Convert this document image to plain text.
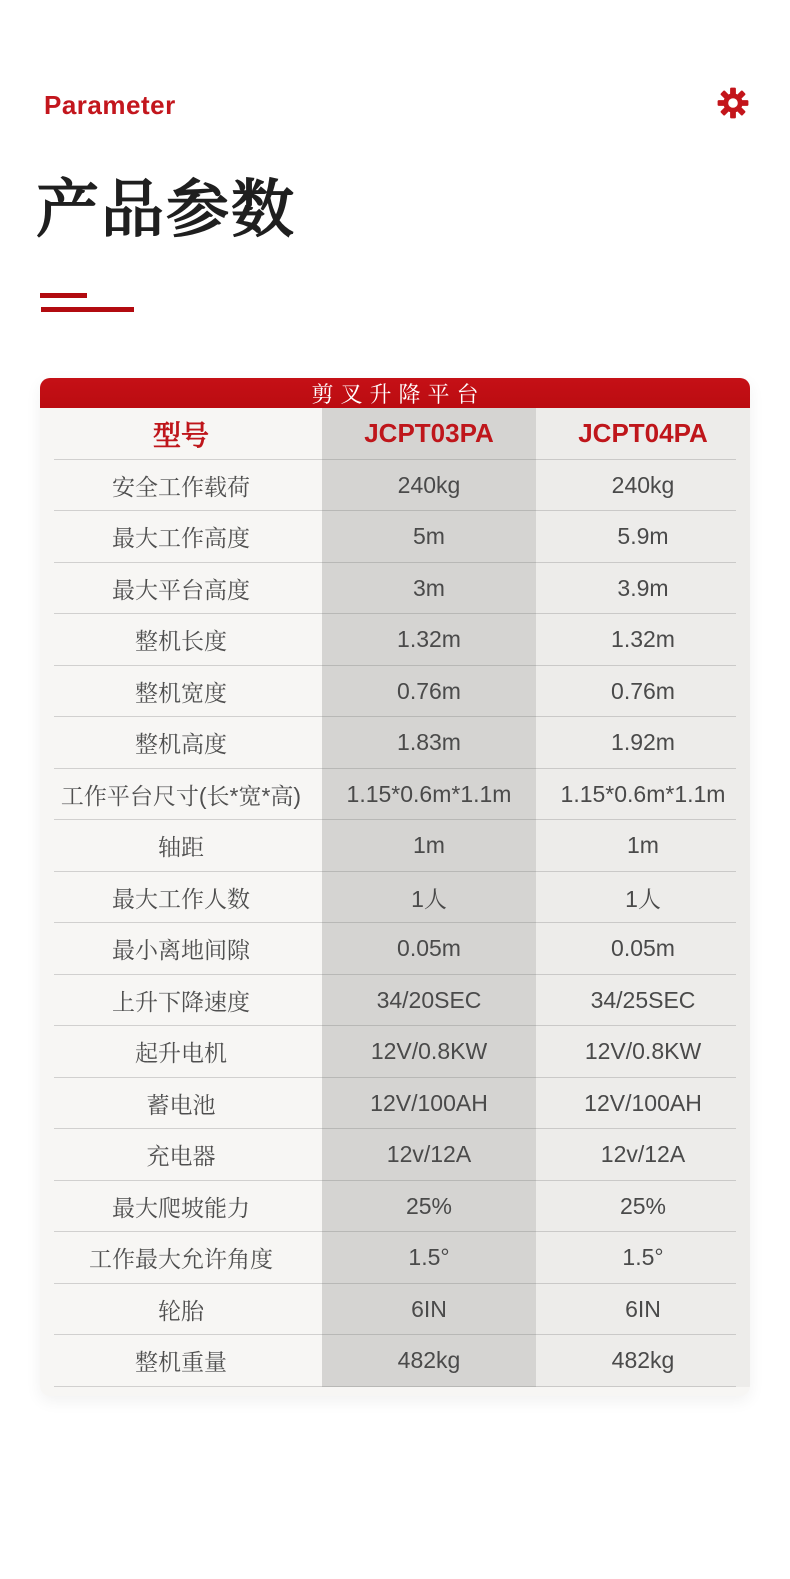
Parameter
产品参数
剪叉升降平台
型号	JCPT03PA	JCPT04PA
安全工作载荷	240kg	240kg
最大工作高度	5m	5.9m
最大平台高度	3m	3.9m
整机长度	1.32m	1.32m
整机宽度	0.76m	0.76m
整机高度	1.83m	1.92m
工作平台尺寸(长*宽*高)	1.15*0.6m*1.1m	1.15*0.6m*1.1m
轴距	1m	1m
最大工作人数	1人	1人
最小离地间隙	0.05m	0.05m
上升下降速度	34/20SEC	34/25SEC
起升电机	12V/0.8KW	12V/0.8KW
蓄电池	12V/100AH	12V/100AH
充电器	12v/12A	12v/12A
最大爬坡能力	25%	25%
工作最大允许角度	1.5°	1.5°
轮胎	6IN	6IN
整机重量	482kg	482kg
